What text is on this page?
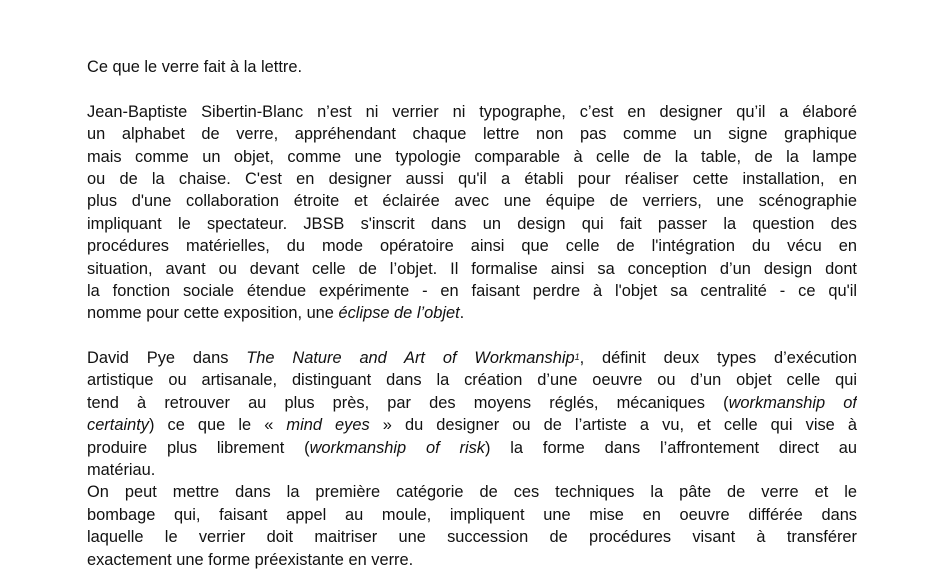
Ce que le verre fait à la lettre.
Jean-Baptiste Sibertin-Blanc n’est ni verrier ni typographe, c’est en designer qu’il a élaboré
un alphabet de verre, appréhendant chaque lettre non pas comme un signe graphique
mais comme un objet, comme une typologie comparable à celle de la table, de la lampe
ou de la chaise. C'est en designer aussi qu'il a établi pour réaliser cette installation, en
plus d'une collaboration étroite et éclairée avec une équipe de verriers, une scénographie
impliquant le spectateur. JBSB s'inscrit dans un design qui fait passer la question des
procédures matérielles, du mode opératoire ainsi que celle de l'intégration du vécu en
situation, avant ou devant celle de l’objet. Il formalise ainsi sa conception d’un design dont
la fonction sociale étendue expérimente - en faisant perdre à l'objet sa centralité - ce qu'il
nomme pour cette exposition, une éclipse de l’objet.
David Pye dans The Nature and Art of Workmanship$^1$, définit deux types d’exécution
artistique ou artisanale, distinguant dans la création d’une oeuvre ou d’un objet celle qui
tend à retrouver au plus près, par des moyens réglés, mécaniques (workmanship of
certainty) ce que le « mind eyes » du designer ou de l’artiste a vu, et celle qui vise à
produire plus librement (workmanship of risk) la forme dans l’affrontement direct au
matériau.
On peut mettre dans la première catégorie de ces techniques la pâte de verre et le
bombage qui, faisant appel au moule, impliquent une mise en oeuvre différée dans
laquelle le verrier doit maitriser une succession de procédures visant à transférer
exactement une forme préexistante en verre.
